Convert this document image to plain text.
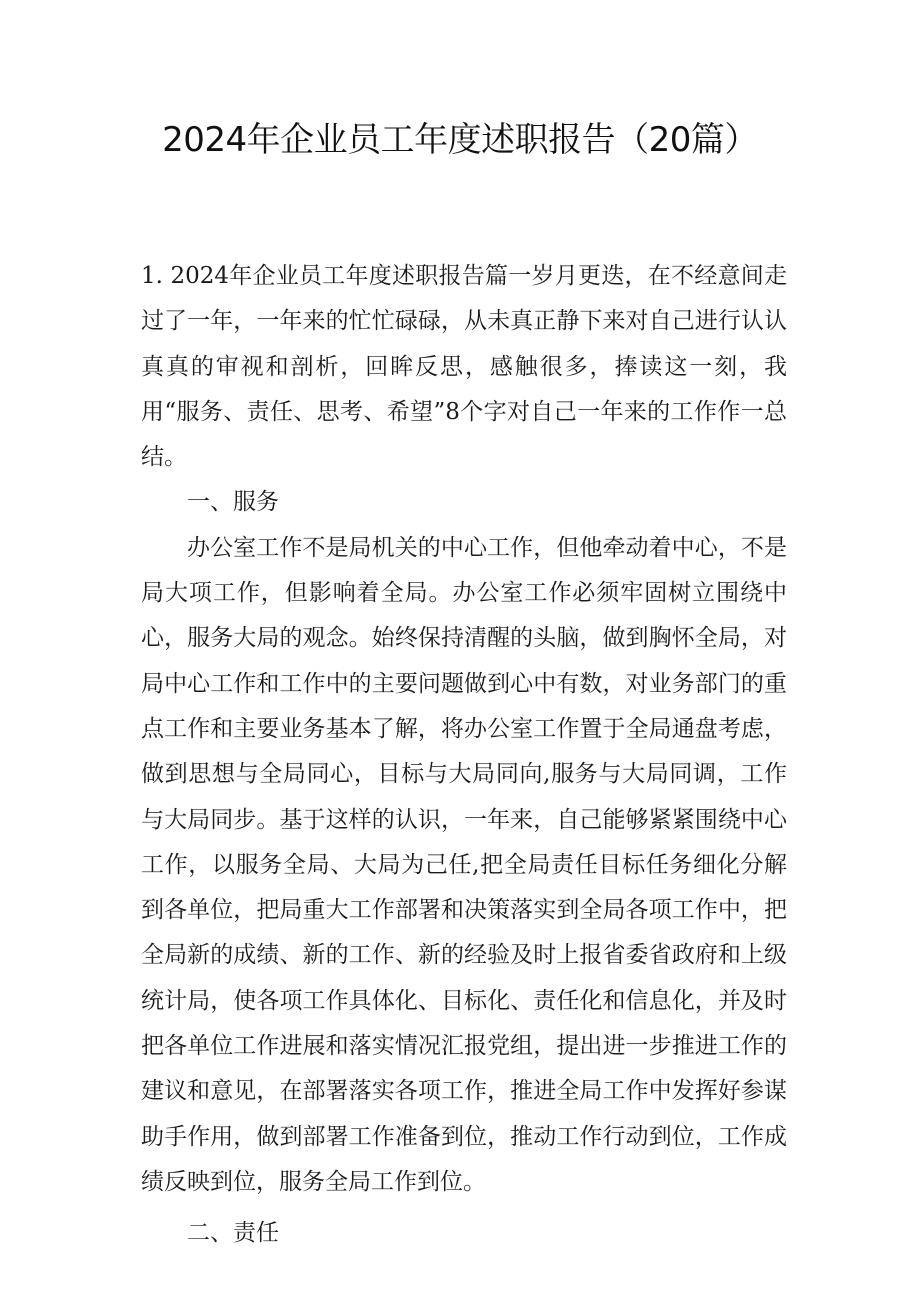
2024年企业员工年度述职报告（20篇）

1. 2024年企业员工年度述职报告篇一岁月更迭，在不经意间走过了一年，一年来的忙忙碌碌，从未真正静下来对自己进行认认真真的审视和剖析，回眸反思，感触很多，捧读这一刻，我用“服务、责任、思考、希望”8个字对自己一年来的工作作一总结。

一、服务

办公室工作不是局机关的中心工作，但他牵动着中心，不是局大项工作，但影响着全局。办公室工作必须牢固树立围绕中心，服务大局的观念。始终保持清醒的头脑，做到胸怀全局，对局中心工作和工作中的主要问题做到心中有数，对业务部门的重点工作和主要业务基本了解，将办公室工作置于全局通盘考虑，做到思想与全局同心，目标与大局同向,服务与大局同调，工作与大局同步。基于这样的认识，一年来，自己能够紧紧围绕中心工作，以服务全局、大局为己任,把全局责任目标任务细化分解到各单位，把局重大工作部署和决策落实到全局各项工作中，把全局新的成绩、新的工作、新的经验及时上报省委省政府和上级统计局，使各项工作具体化、目标化、责任化和信息化，并及时把各单位工作进展和落实情况汇报党组，提出进一步推进工作的建议和意见，在部署落实各项工作，推进全局工作中发挥好参谋助手作用，做到部署工作准备到位，推动工作行动到位，工作成绩反映到位，服务全局工作到位。

二、责任
